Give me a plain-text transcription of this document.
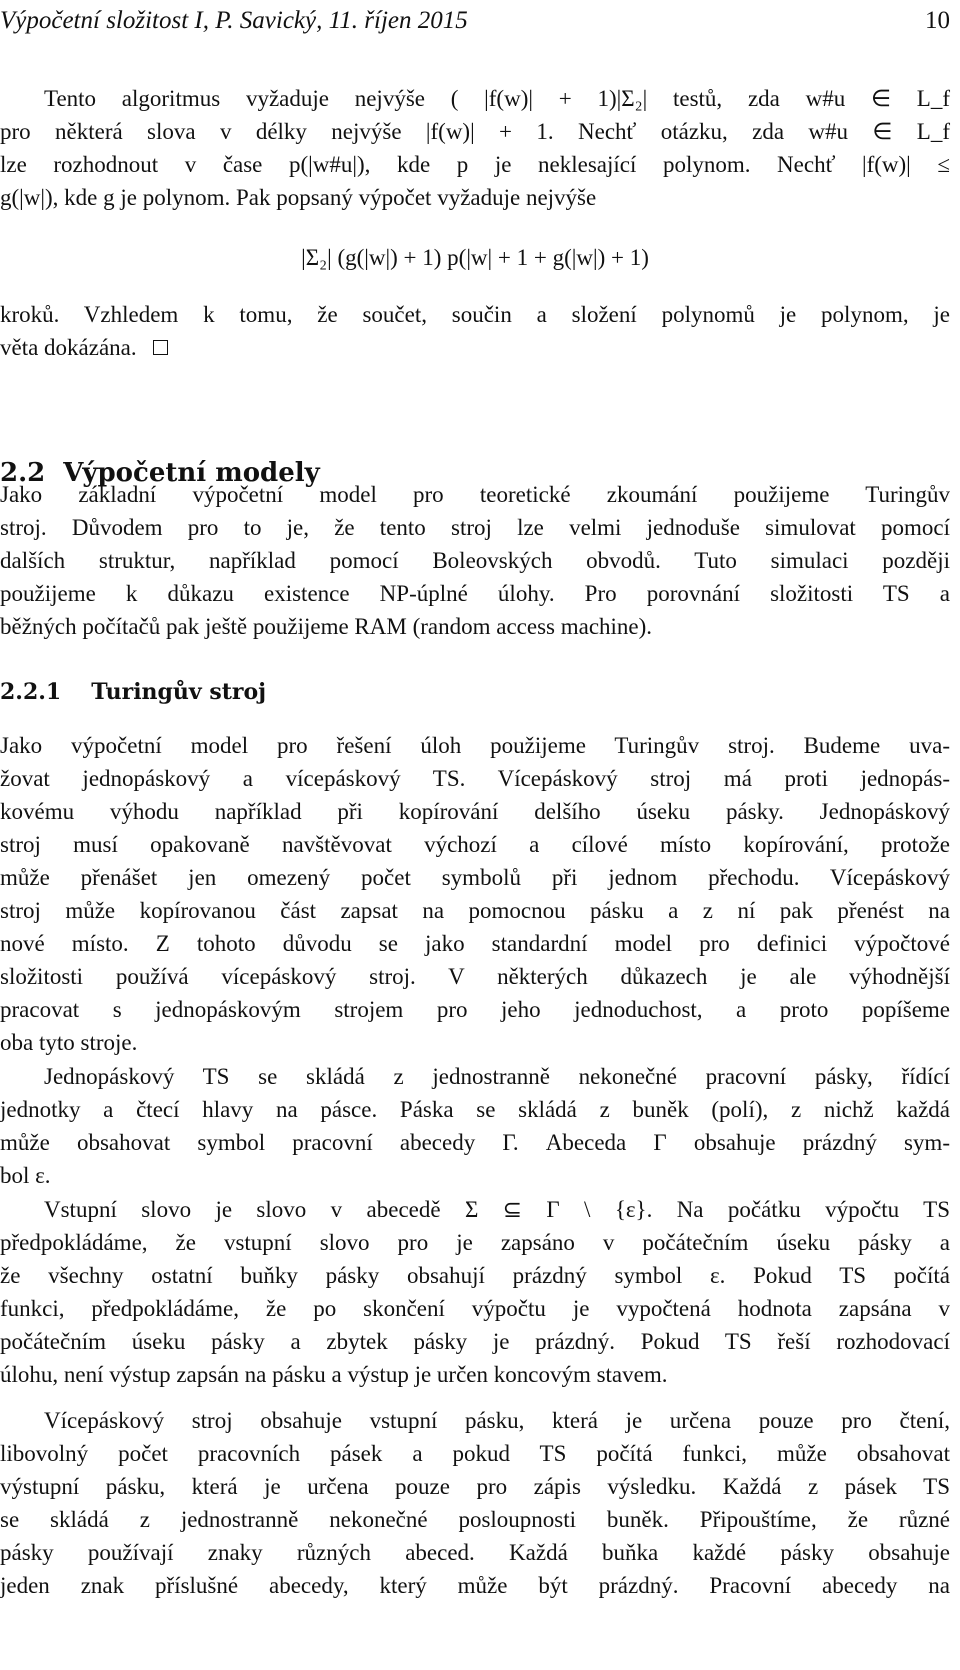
Výpočetní složitost I, P. Savický, 11. říjen 2015	10
Tento algoritmus vyžaduje nejvýše ( |f(w)| + 1)|Σ₂| testů, zda w#u ∈ L_f
pro některá slova v délky nejvýše |f(w)| + 1. Nechť otázku, zda w#u ∈ L_f
lze rozhodnout v čase p(|w#u|), kde p je neklesající polynom. Nechť |f(w)| ≤
g(|w|), kde g je polynom. Pak popsaný výpočet vyžaduje nejvýše
|Σ₂| (g(|w|) + 1) p(|w| + 1 + g(|w|) + 1)
kroků. Vzhledem k tomu, že součet, součin a složení polynomů je polynom, je
věta dokázána.
2.2 Výpočetní modely
Jako základní výpočetní model pro teoretické zkoumání použijeme Turingův
stroj. Důvodem pro to je, že tento stroj lze velmi jednoduše simulovat pomocí
dalších struktur, například pomocí Boleovských obvodů. Tuto simulaci později
použijeme k důkazu existence NP-úplné úlohy. Pro porovnání složitosti TS a
běžných počítačů pak ještě použijeme RAM (random access machine).
2.2.1 Turingův stroj
Jako výpočetní model pro řešení úloh použijeme Turingův stroj. Budeme uva-
žovat jednopáskový a vícepáskový TS. Vícepáskový stroj má proti jednopás-
kovému výhodu například při kopírování delšího úseku pásky. Jednopáskový
stroj musí opakovaně navštěvovat výchozí a cílové místo kopírování, protože
může přenášet jen omezený počet symbolů při jednom přechodu. Vícepáskový
stroj může kopírovanou část zapsat na pomocnou pásku a z ní pak přenést na
nové místo. Z tohoto důvodu se jako standardní model pro definici výpočtové
složitosti používá vícepáskový stroj. V některých důkazech je ale výhodnější
pracovat s jednopáskovým strojem pro jeho jednoduchost, a proto popíšeme
oba tyto stroje.
Jednopáskový TS se skládá z jednostranně nekonečné pracovní pásky, řídící
jednotky a čtecí hlavy na pásce. Páska se skládá z buněk (polí), z nichž každá
může obsahovat symbol pracovní abecedy Γ. Abeceda Γ obsahuje prázdný sym-
bol ε.
Vstupní slovo je slovo v abecedě Σ ⊆ Γ \ {ε}. Na počátku výpočtu TS
předpokládáme, že vstupní slovo pro je zapsáno v počátečním úseku pásky a
že všechny ostatní buňky pásky obsahují prázdný symbol ε. Pokud TS počítá
funkci, předpokládáme, že po skončení výpočtu je vypočtená hodnota zapsána v
počátečním úseku pásky a zbytek pásky je prázdný. Pokud TS řeší rozhodovací
úlohu, není výstup zapsán na pásku a výstup je určen koncovým stavem.
Vícepáskový stroj obsahuje vstupní pásku, která je určena pouze pro čtení,
libovolný počet pracovních pásek a pokud TS počítá funkci, může obsahovat
výstupní pásku, která je určena pouze pro zápis výsledku. Každá z pásek TS
se skládá z jednostranně nekonečné posloupnosti buněk. Připouštíme, že různé
pásky používají znaky různých abeced. Každá buňka každé pásky obsahuje
jeden znak příslušné abecedy, který může být prázdný. Pracovní abecedy na
